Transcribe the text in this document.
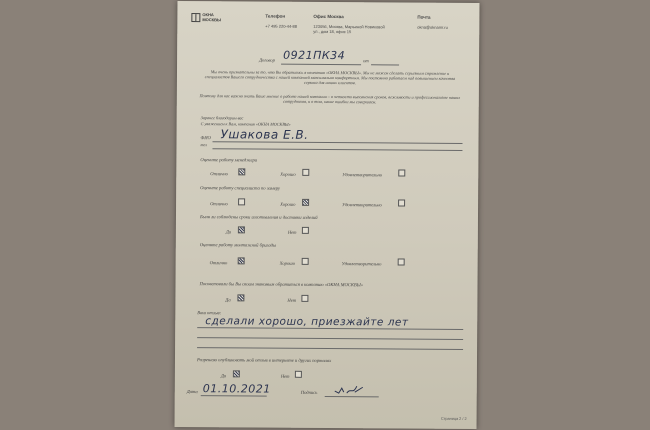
ОКНА МОСКВЫ
Телефон
+7 495 220-44-88
Офис Москва
123056, Москва, Марьиной Новиковой
ул., дом 18, офис 15
Почта
okna@oknamr.ru
Договор 0921ПК34	от
Мы очень признательны за то, что Вы обратились в компанию «ОКНА МОСКВЫ». Мы не можем сделать серьезным стремление и специалистов Вашего сотрудничества с нашей компанией максимально комфортным. Мы постоянно работаем над повышением качества сервиса для наших клиентов.
Поэтому для нас важно знать Ваше мнение о работе нашей компании – о четкости выполнения сроков, вежливости и профессионализме наших сотрудников, и о том, какие ошибки мы совершаем.
Заранее благодарим вас
С уважением к Вам, компания «ОКНА МОСКВЫ»
ФИО
тел
Ушакова Е.В.
Оцените работу менеджера
Отлично	Хорошо	Удовлетворительно
Оцените работу специалиста по замеру
Отлично	Хорошо	Удовлетворительно
Были ли соблюдены сроки изготовления и доставки изделий
Да	Нет
Оцените работу монтажной бригады
Отлично	Хорошо	Удовлетворительно
Посоветовали бы Вы своим знакомым обратиться в компанию «ОКНА МОСКВЫ»
Да	Нет
Ваш отзыв:
сделали хорошо, приезжайте лет
Разрешаю опубликовать мой отзыв в интернете и других порталах
Да	Нет
Дата 01.10.2021	Подпись
Страница 2 / 2
